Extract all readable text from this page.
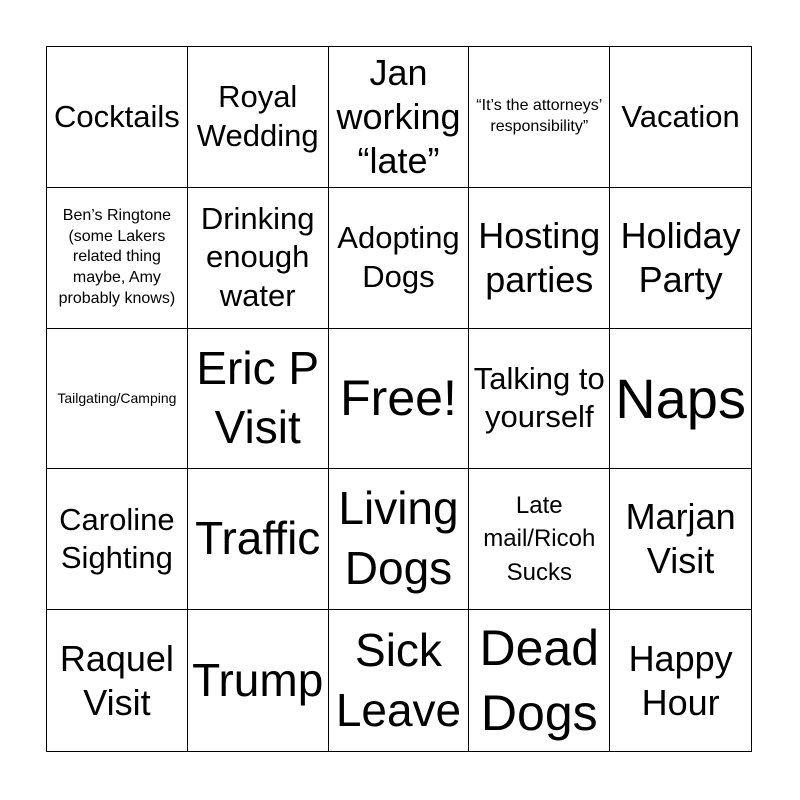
Cocktails
Royal Wedding
Jan working “late”
“It’s the attorneys’ responsibility”	Vacation
Ben’s Ringtone (some Lakers related thing maybe, Amy probably knows)
Drinking enough water
Adopting Dogs
Hosting parties
Holiday Party
Tailgating/Camping
Eric P Visit
Free! Talking to yourself Naps
Caroline Sighting Traffic
Living Dogs
Late mail/Ricoh Sucks
Marjan Visit
Raquel Visit Trump
Sick Leave
Dead Dogs
Happy Hour
